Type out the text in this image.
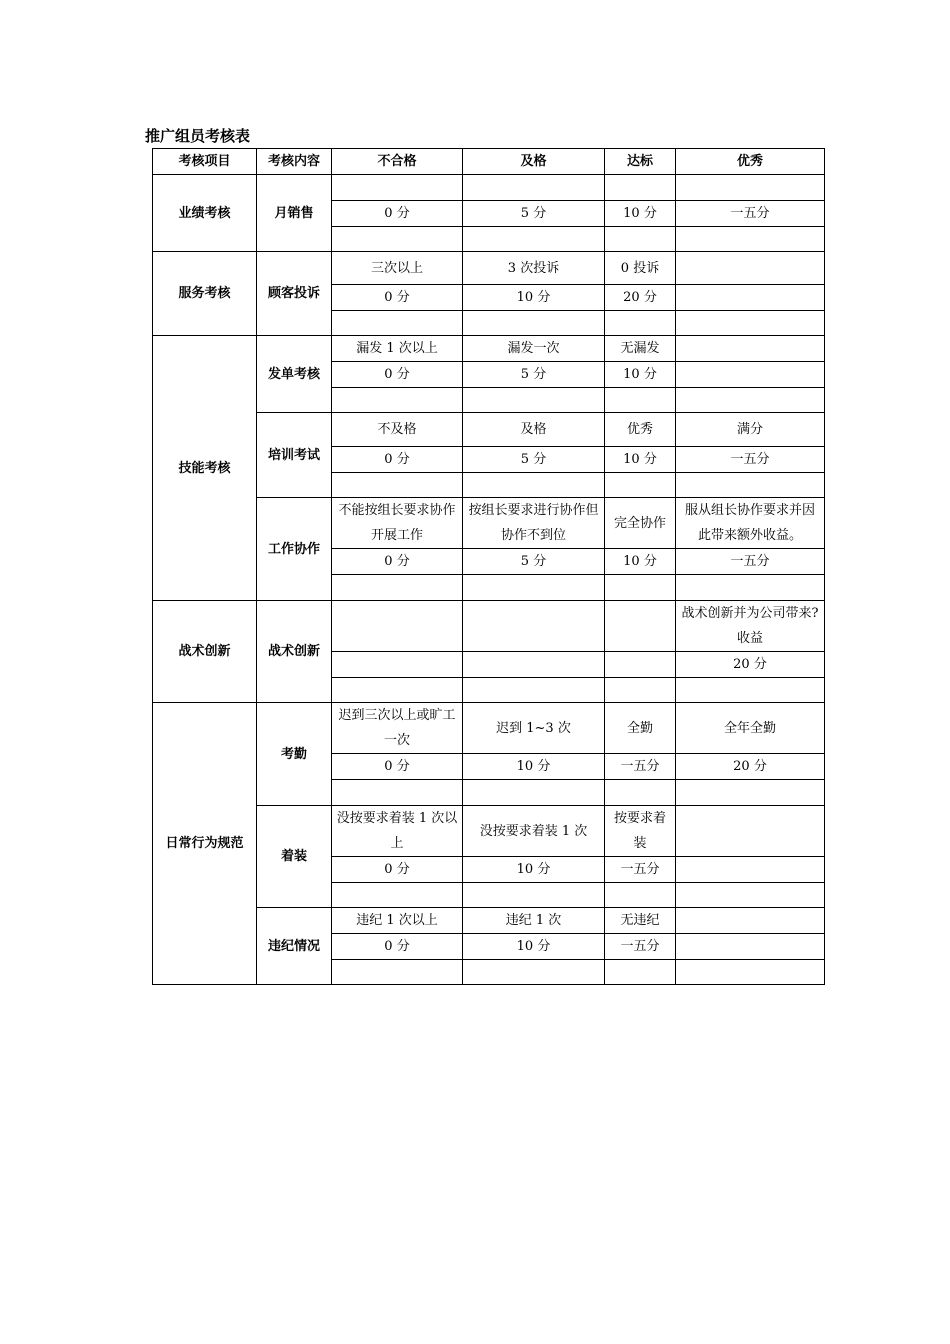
推广组员考核表
考核项目	考核内容	不合格	及格	达标	优秀
业绩考核	月销售				
		0 分	5 分	10 分	一五分

服务考核	顾客投诉	三次以上	3 次投诉	0 投诉	
		0 分	10 分	20 分	

技能考核	发单考核	漏发 1 次以上	漏发一次	无漏发	
		0 分	5 分	10 分	

	培训考试	不及格	及格	优秀	满分
		0 分	5 分	10 分	一五分

	工作协作	不能按组长要求协作开展工作	按组长要求进行协作但协作不到位	完全协作	服从组长协作要求并因此带来额外收益。
		0 分	5 分	10 分	一五分

战术创新	战术创新				战术创新并为公司带来?收益
					20 分

日常行为规范	考勤	迟到三次以上或旷工一次	迟到 1~3 次	全勤	全年全勤
		0 分	10 分	一五分	20 分

	着装	没按要求着装 1 次以上	没按要求着装 1 次	按要求着装	
		0 分	10 分	一五分	

	违纪情况	违纪 1 次以上	违纪 1 次	无违纪	
		0 分	10 分	一五分	
